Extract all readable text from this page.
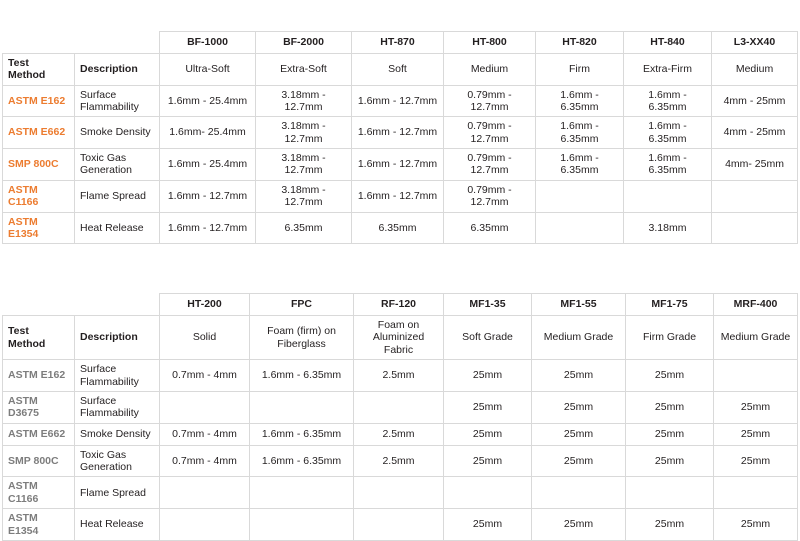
		Seals / Gaskets / Insulation / Gap-Filling		Vibration Isolation (Floating Floor)				
		BF-1000	BF-2000	HT-870	HT-800	HT-820	HT-840	L3-XX40
Test Method	Description	Ultra-Soft	Extra-Soft	Soft	Medium	Firm	Extra-Firm	Medium
ASTM E162	Surface Flammability	1.6mm - 25.4mm	3.18mm - 12.7mm	1.6mm - 12.7mm	0.79mm - 12.7mm	1.6mm - 6.35mm	1.6mm - 6.35mm	4mm - 25mm
ASTM E662	Smoke Density	1.6mm- 25.4mm	3.18mm - 12.7mm	1.6mm - 12.7mm	0.79mm - 12.7mm	1.6mm - 6.35mm	1.6mm - 6.35mm	4mm - 25mm
SMP 800C	Toxic Gas Generation	1.6mm - 25.4mm	3.18mm - 12.7mm	1.6mm - 12.7mm	0.79mm - 12.7mm	1.6mm - 6.35mm	1.6mm - 6.35mm	4mm- 25mm
ASTM C1166	Flame Spread	1.6mm - 12.7mm	3.18mm - 12.7mm	1.6mm - 12.7mm	0.79mm - 12.7mm			
ASTM E1354	Heat Release	1.6mm - 12.7mm	6.35mm	6.35mm	6.35mm		3.18mm	
		Acoustic Barrier	Insulation / Fire Barrier	Reflective Thermal Barrier	Seat Cushion Foam			Backrest Cushion Foam
		HT-200	FPC	RF-120	MF1-35	MF1-55	MF1-75	MRF-400
Test Method	Description	Solid	Foam (firm) on Fiberglass	Foam on Aluminized Fabric	Soft Grade	Medium Grade	Firm Grade	Medium Grade
ASTM E162	Surface Flammability	0.7mm - 4mm	1.6mm - 6.35mm	2.5mm	25mm	25mm	25mm	
ASTM D3675	Surface Flammability				25mm	25mm	25mm	25mm
ASTM E662	Smoke Density	0.7mm - 4mm	1.6mm - 6.35mm	2.5mm	25mm	25mm	25mm	25mm
SMP 800C	Toxic Gas Generation	0.7mm - 4mm	1.6mm - 6.35mm	2.5mm	25mm	25mm	25mm	25mm
ASTM C1166	Flame Spread							
ASTM E1354	Heat Release				25mm	25mm	25mm	25mm
